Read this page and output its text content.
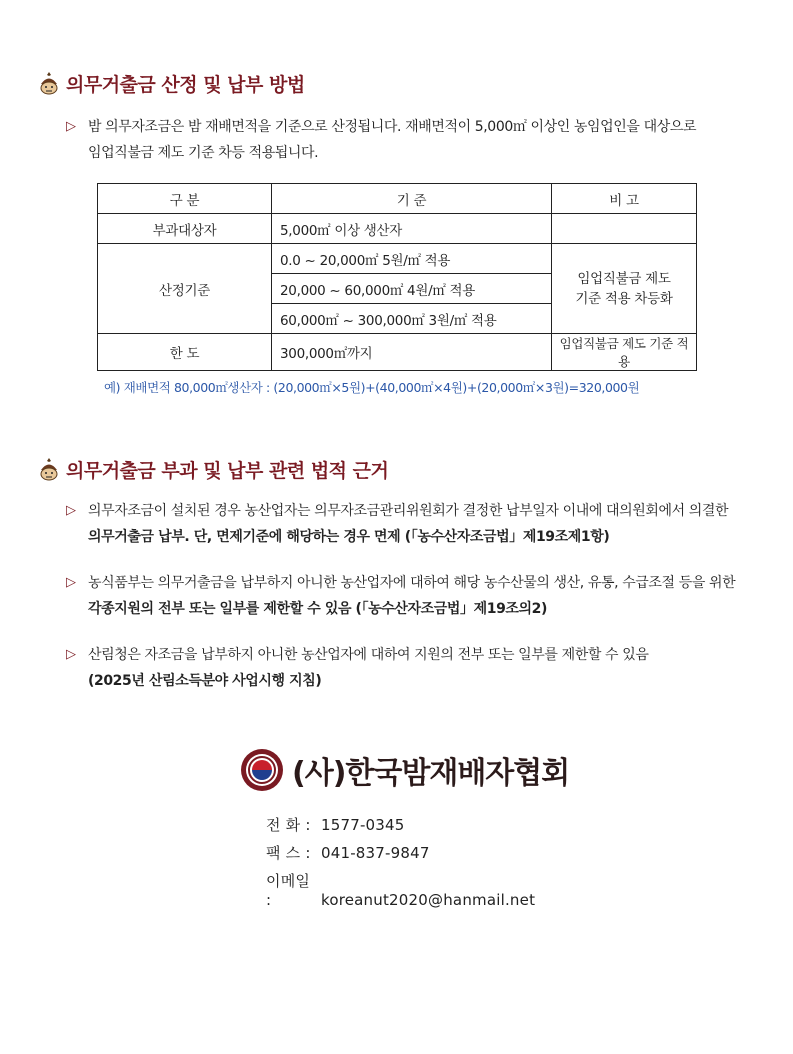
의무거출금 산정 및 납부 방법
▷ 밤 의무자조금은 밤 재배면적을 기준으로 산정됩니다. 재배면적이 5,000㎡ 이상인 농임업인을 대상으로
임업직불금 제도 기준 차등 적용됩니다.
구 분	기 준	비 고
부과대상자	5,000㎡ 이상 생산자	
산정기준	0.0 ~ 20,000㎡ 5원/㎡ 적용	임업직불금 제도
기준 적용 차등화
	20,000 ~ 60,000㎡ 4원/㎡ 적용	
	60,000㎡ ~ 300,000㎡ 3원/㎡ 적용	
한 도	300,000㎡까지	임업직불금 제도 기준 적용
예) 재배면적 80,000㎡생산자 : (20,000㎡×5원)+(40,000㎡×4원)+(20,000㎡×3원)=320,000원
의무거출금 부과 및 납부 관련 법적 근거
▷ 의무자조금이 설치된 경우 농산업자는 의무자조금관리위원회가 결정한 납부일자 이내에 대의원회에서 의결한
의무거출금 납부. 단, 면제기준에 해당하는 경우 면제 (「농수산자조금법」제19조제1항)
▷ 농식품부는 의무거출금을 납부하지 아니한 농산업자에 대하여 해당 농수산물의 생산, 유통, 수급조절 등을 위한
각종지원의 전부 또는 일부를 제한할 수 있음 (「농수산자조금법」제19조의2)
▷ 산림청은 자조금을 납부하지 아니한 농산업자에 대하여 지원의 전부 또는 일부를 제한할 수 있음
(2025년 산림소득분야 사업시행 지침)
(사)한국밤재배자협회
전 화 : 1577-0345
팩 스 : 041-837-9847
이메일 :	koreanut2020@hanmail.net
